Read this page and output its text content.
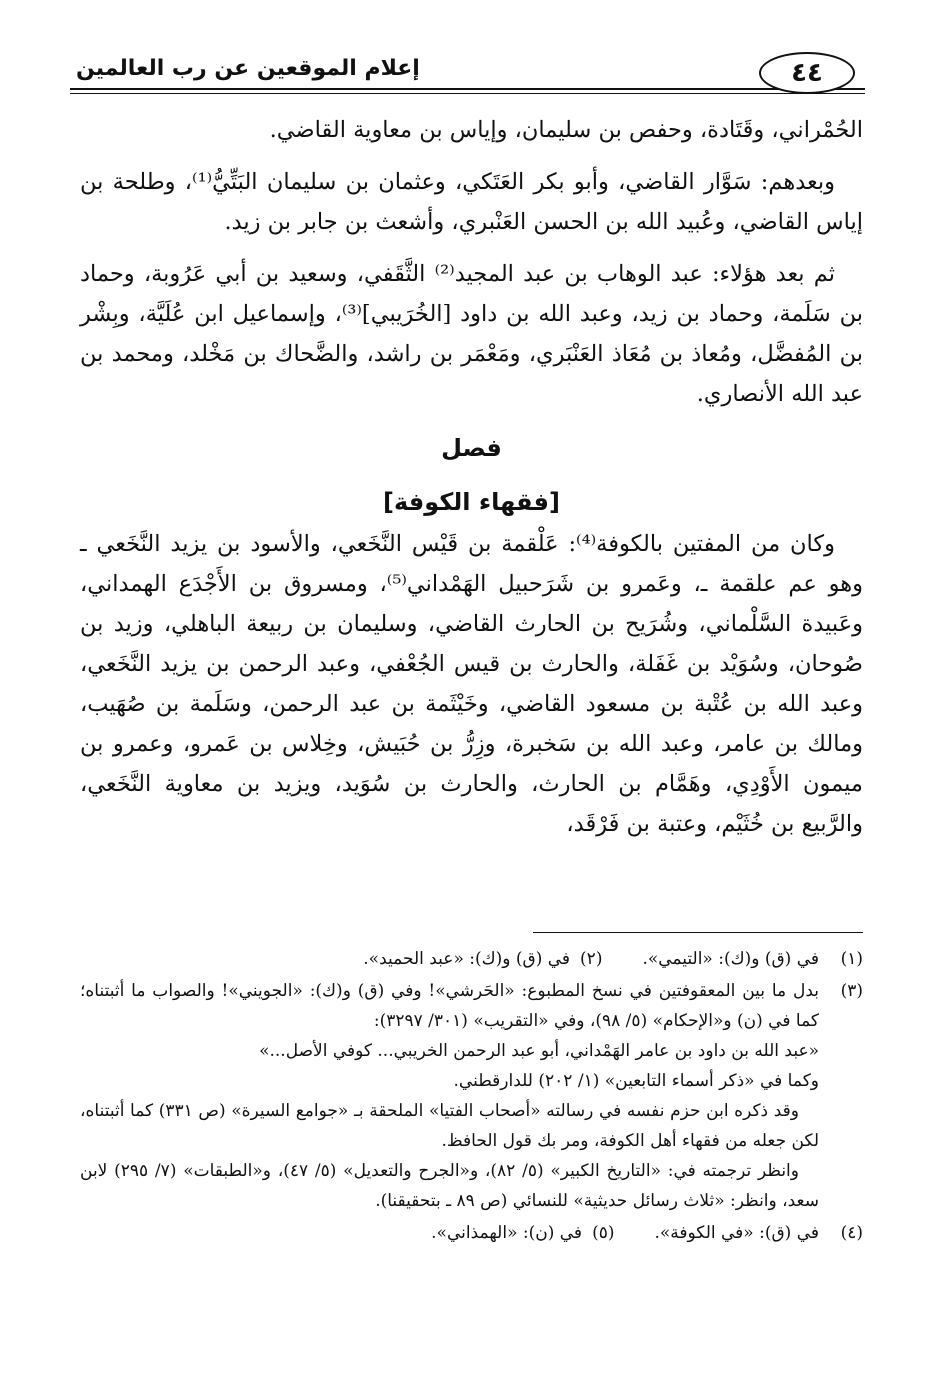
٤٤
إعلام الموقعين عن رب العالمين

الحُمْراني، وقَتَادة، وحفص بن سليمان، وإياس بن معاوية القاضي.

وبعدهم: سَوَّار القاضي، وأبو بكر العَتَكي، وعثمان بن سليمان البَتِّيُّ⁽¹⁾، وطلحة بن إياس القاضي، وعُبيد الله بن الحسن العَنْبري، وأشعث بن جابر بن زيد.

ثم بعد هؤلاء: عبد الوهاب بن عبد المجيد⁽²⁾ الثَّقَفي، وسعيد بن أبي عَرُوبة، وحماد بن سَلَمة، وحماد بن زيد، وعبد الله بن داود [الخُرَيبي]⁽³⁾، وإسماعيل ابن عُلَيَّة، وبِشْر بن المُفضَّل، ومُعاذ بن مُعَاذ العَنْبَري، ومَعْمَر بن راشد، والضَّحاك بن مَخْلد، ومحمد بن عبد الله الأنصاري.

فصل
[فقهاء الكوفة]

وكان من المفتين بالكوفة⁽⁴⁾: عَلْقمة بن قَيْس النَّخَعي، والأسود بن يزيد النَّخَعي ـ وهو عم علقمة ـ، وعَمرو بن شَرَحبيل الهَمْداني⁽⁵⁾، ومسروق بن الأَجْدَع الهمداني، وعَبيدة السَّلْماني، وشُرَيح بن الحارث القاضي، وسليمان بن ربيعة الباهلي، وزيد بن صُوحان، وسُوَيْد بن غَفَلة، والحارث بن قيس الجُعْفي، وعبد الرحمن بن يزيد النَّخَعي، وعبد الله بن عُتْبة بن مسعود القاضي، وخَيْثَمة بن عبد الرحمن، وسَلَمة بن صُهَيب، ومالك بن عامر، وعبد الله بن سَخبرة، وزِرُّ بن حُبَيش، وخِلاس بن عَمرو، وعمرو بن ميمون الأَوْدِي، وهَمَّام بن الحارث، والحارث بن سُوَيد، ويزيد بن معاوية النَّخَعي، والرَّبيع بن خُثَيْم، وعتبة بن فَرْقَد،

(١)
في (ق) و(ك): «التيمي».
(٢)
في (ق) و(ك): «عبد الحميد».
(٣)
بدل ما بين المعقوفتين في نسخ المطبوع: «الحَرشي»! وفي (ق) و(ك): «الجويني»! والصواب ما أثبتناه؛ كما في (ن) و«الإحكام» (٥/ ٩٨)، وفي «التقريب» (٣٠١/ ٣٢٩٧):
«عبد الله بن داود بن عامر الهَمْداني، أبو عبد الرحمن الخريبي... كوفي الأصل...»
وكما في «ذكر أسماء التابعين» (١/ ٢٠٢) للدارقطني.
وقد ذكره ابن حزم نفسه في رسالته «أصحاب الفتيا» الملحقة بـ «جوامع السيرة» (ص ٣٣١) كما أثبتناه، لكن جعله من فقهاء أهل الكوفة، ومر بك قول الحافظ.
وانظر ترجمته في: «التاريخ الكبير» (٥/ ٨٢)، و«الجرح والتعديل» (٥/ ٤٧)، و«الطبقات» (٧/ ٢٩٥) لابن سعد، وانظر: «ثلاث رسائل حديثية» للنسائي (ص ٨٩ ـ بتحقيقنا).
(٤)
في (ق): «في الكوفة».
(٥)
في (ن): «الهمذاني».
